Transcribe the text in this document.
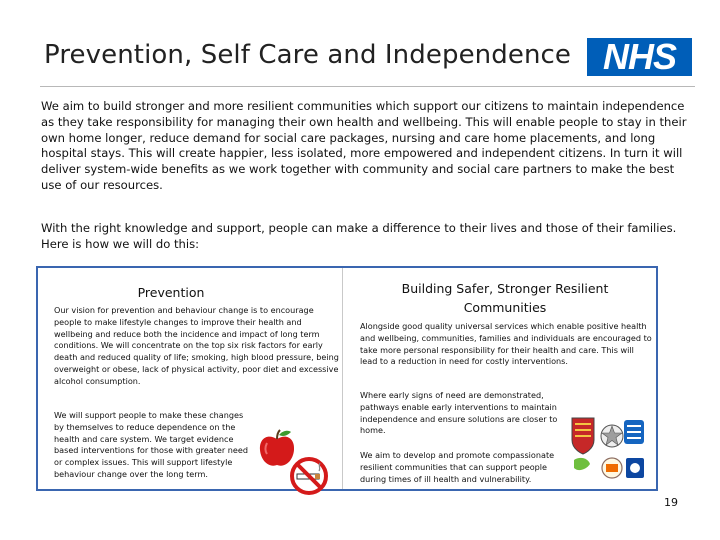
Prevention, Self Care and Independence NHS
We aim to build stronger and more resilient communities which support our citizens to maintain independence as they take responsibility for managing their own health and wellbeing. This will enable people to stay in their own home longer, reduce demand for social care packages, nursing and care home placements, and long hospital stays. This will create happier, less isolated, more empowered and independent citizens. In turn it will deliver system-wide benefits as we work together with community and social care partners to make the best use of our resources.
With the right knowledge and support, people can make a difference to their lives and those of their families. Here is how we will do this:
Prevention
Our vision for prevention and behaviour change is to encourage people to make lifestyle changes to improve their health and wellbeing and reduce both the incidence and impact of long term conditions. We will concentrate on the top six risk factors for early death and reduced quality of life; smoking, high blood pressure, being overweight or obese, lack of physical activity, poor diet and excessive alcohol consumption.
We will support people to make these changes by themselves to reduce dependence on the health and care system. We target evidence based interventions for those with greater need or complex issues. This will support lifestyle behaviour change over the long term.
Building Safer, Stronger Resilient
Communities
Alongside good quality universal services which enable positive health and wellbeing, communities, families and individuals are encouraged to take more personal responsibility for their health and care. This will lead to a reduction in need for costly interventions.
Where early signs of need are demonstrated, pathways enable early interventions to maintain independence and ensure solutions are closer to home.
We aim to develop and promote compassionate resilient communities that can support people during times of ill health and vulnerability.
19
